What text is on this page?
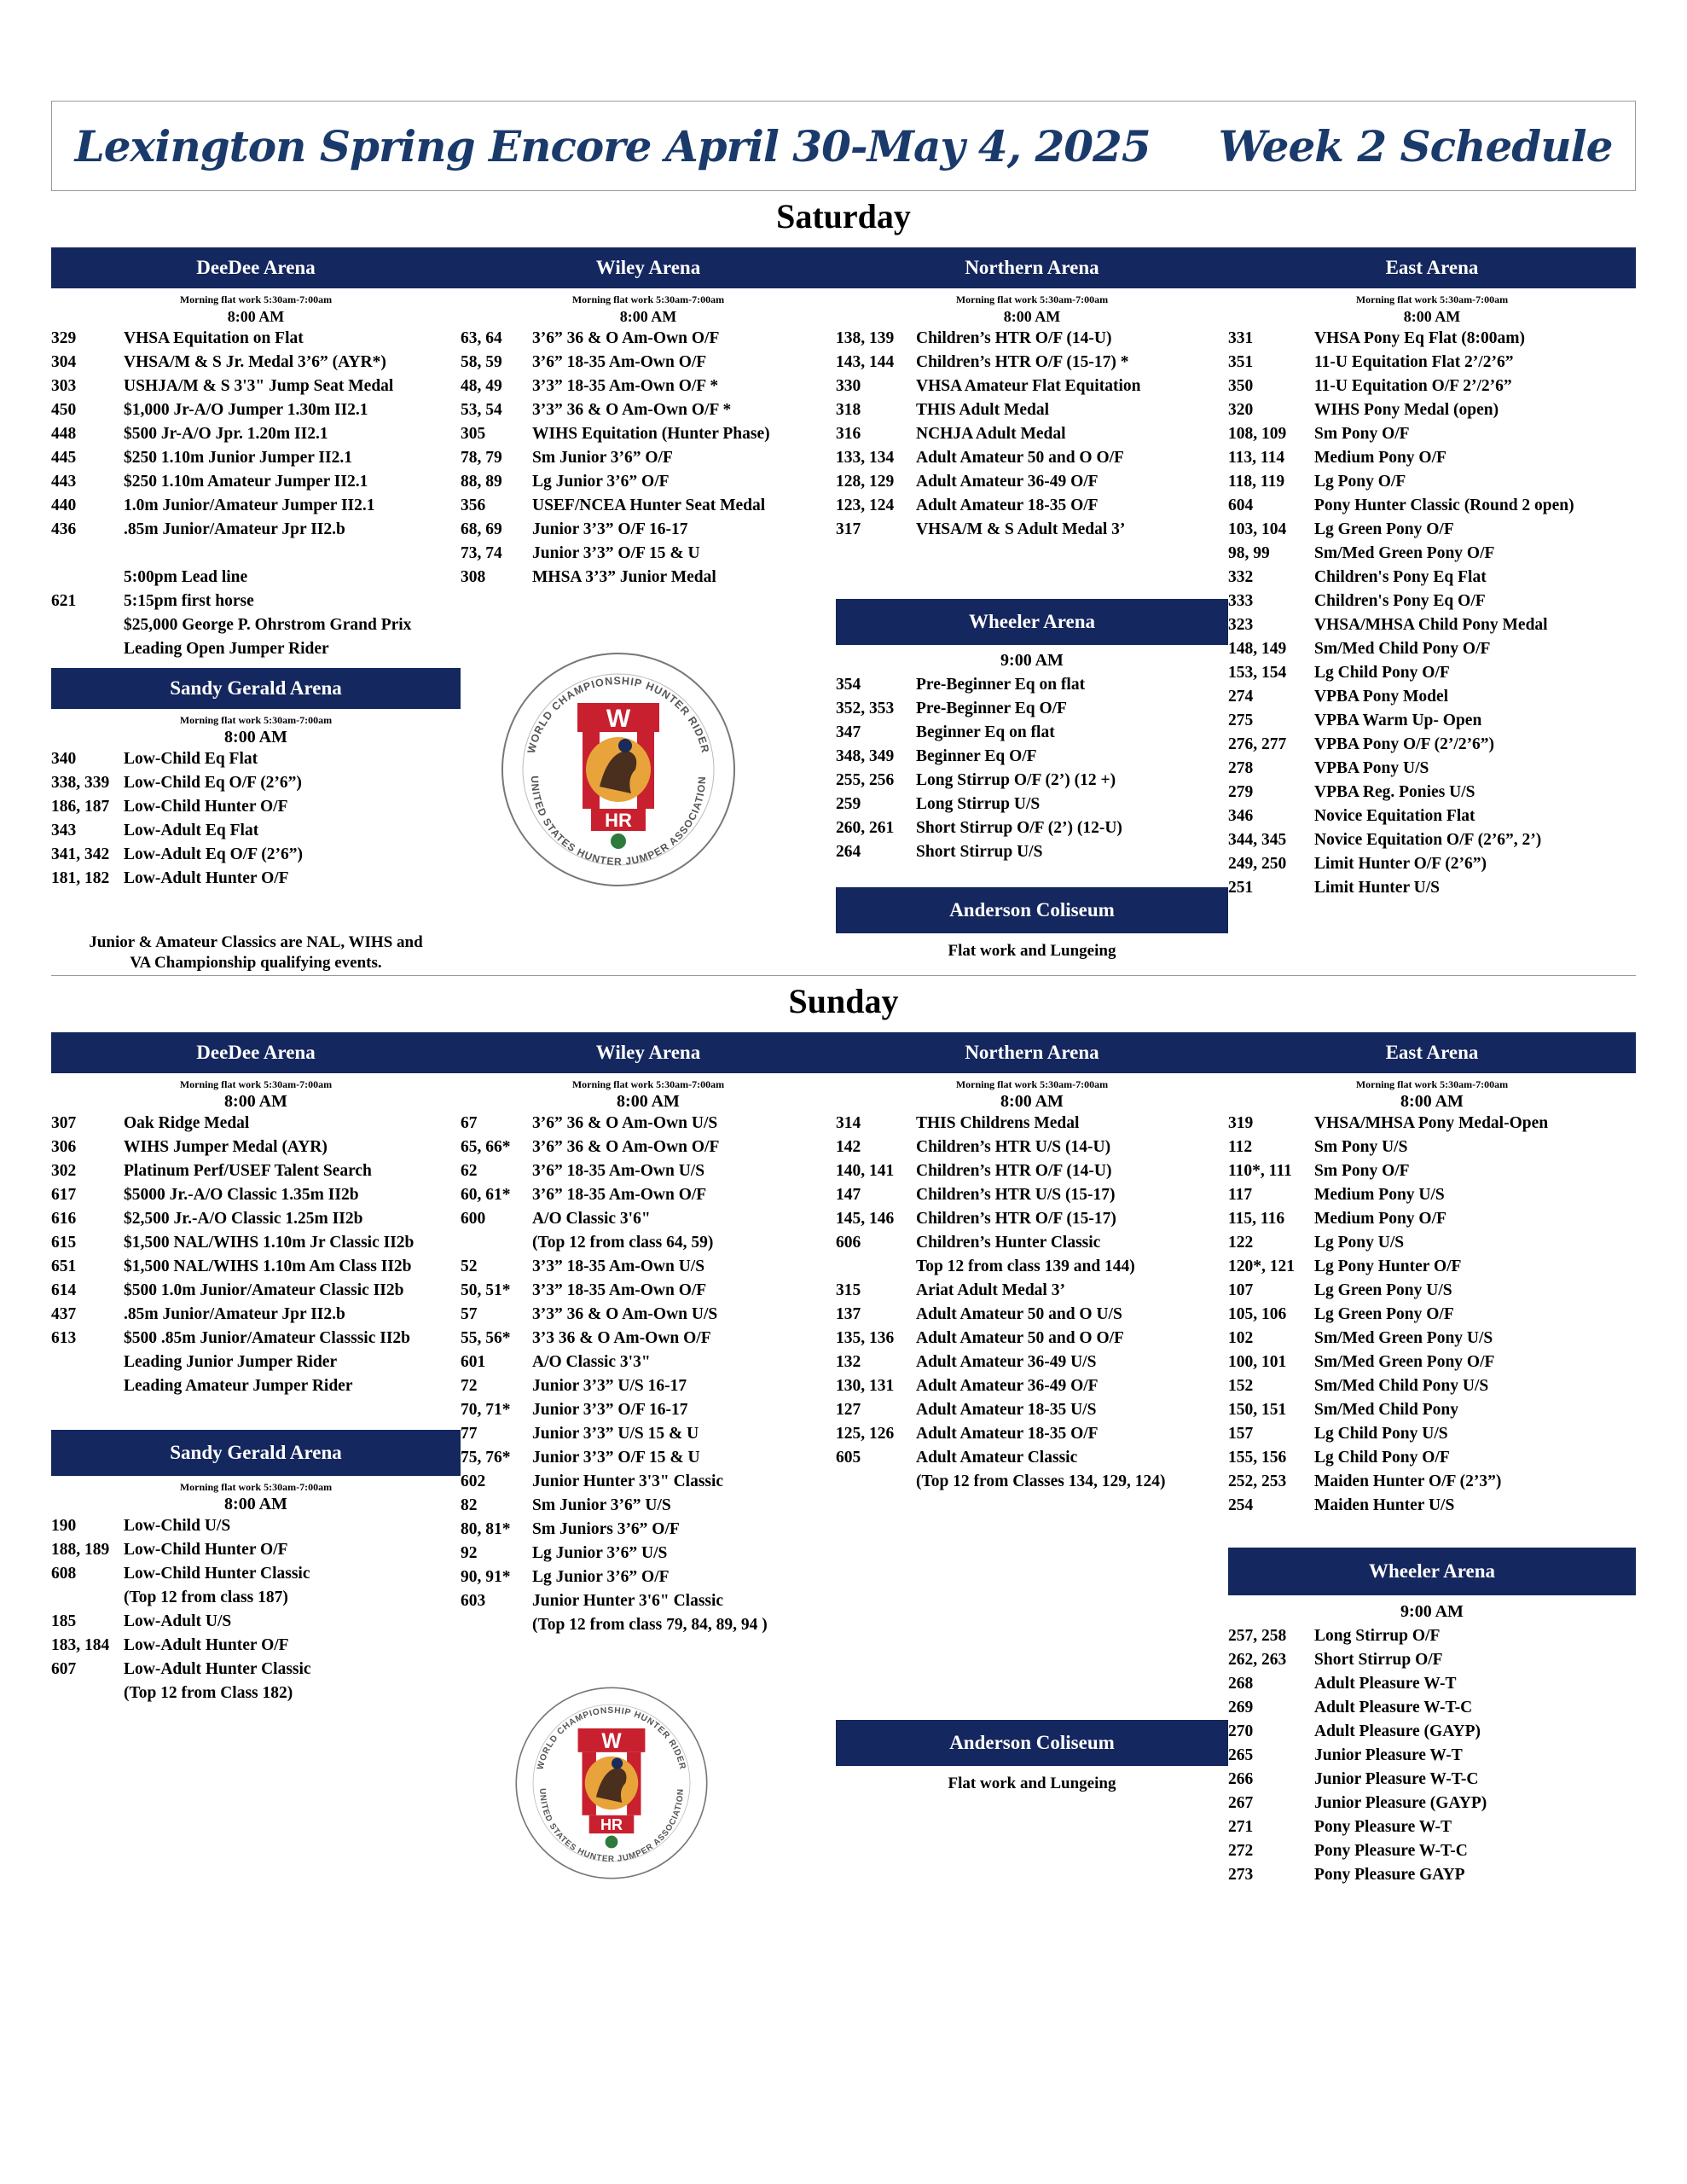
Lexington Spring Encore April 30-May 4, 2025 Week 2 Schedule
Saturday
DeeDee Arena
Morning flat work 5:30am-7:00am
8:00 AM
329	VHSA Equitation on Flat
304	VHSA/M & S Jr. Medal 3’6” (AYR*)
303	USHJA/M & S 3'3" Jump Seat Medal
450	$1,000 Jr-A/O Jumper 1.30m II2.1
448	$500 Jr-A/O Jpr. 1.20m II2.1
445	$250 1.10m Junior Jumper II2.1
443	$250 1.10m Amateur Jumper II2.1
440	1.0m Junior/Amateur Jumper II2.1
436	.85m Junior/Amateur Jpr II2.b
5:00pm Lead line
621	5:15pm first horse
$25,000 George P. Ohrstrom Grand Prix
Leading Open Jumper Rider
Sandy Gerald Arena
Morning flat work 5:30am-7:00am
8:00 AM
340	Low-Child Eq Flat
338, 339 Low-Child Eq O/F (2’6”)
186, 187 Low-Child Hunter O/F
343	Low-Adult Eq Flat
341, 342 Low-Adult Eq O/F (2’6”)
181, 182 Low-Adult Hunter O/F
Junior & Amateur Classics are NAL, WIHS and
VA Championship qualifying events.
Wiley Arena
Morning flat work 5:30am-7:00am
8:00 AM
63, 64	3’6” 36 & O Am-Own O/F
58, 59	3’6” 18-35 Am-Own O/F
48, 49	3’3” 18-35 Am-Own O/F *
53, 54	3’3” 36 & O Am-Own O/F *
305	WIHS Equitation (Hunter Phase)
78, 79	Sm Junior 3’6” O/F
88, 89	Lg Junior 3’6” O/F
356	USEF/NCEA Hunter Seat Medal
68, 69	Junior 3’3” O/F 16-17
73, 74	Junior 3’3” O/F 15 & U
308	MHSA 3’3” Junior Medal
Northern Arena
Morning flat work 5:30am-7:00am
8:00 AM
138, 139	Children’s HTR O/F (14-U)
143, 144	Children’s HTR O/F (15-17) *
330	VHSA Amateur Flat Equitation
318	THIS Adult Medal
316	NCHJA Adult Medal
133, 134	Adult Amateur 50 and O O/F
128, 129	Adult Amateur 36-49 O/F
123, 124	Adult Amateur 18-35 O/F
317	VHSA/M & S Adult Medal 3’
Wheeler Arena
9:00 AM
354	Pre-Beginner Eq on flat
352, 353	Pre-Beginner Eq O/F
347	Beginner Eq on flat
348, 349	Beginner Eq O/F
255, 256	Long Stirrup O/F (2’) (12 +)
259	Long Stirrup U/S
260, 261	Short Stirrup O/F (2’) (12-U)
264	Short Stirrup U/S
Anderson Coliseum
Flat work and Lungeing
East Arena
Morning flat work 5:30am-7:00am
8:00 AM
331	VHSA Pony Eq Flat (8:00am)
351	11-U Equitation Flat 2’/2’6”
350	11-U Equitation O/F 2’/2’6”
320	WIHS Pony Medal (open)
108, 109	Sm Pony O/F
113, 114	Medium Pony O/F
118, 119	Lg Pony O/F
604	Pony Hunter Classic (Round 2 open)
103, 104	Lg Green Pony O/F
98, 99	Sm/Med Green Pony O/F
332	Children's Pony Eq Flat
333	Children's Pony Eq O/F
323	VHSA/MHSA Child Pony Medal
148, 149	Sm/Med Child Pony O/F
153, 154	Lg Child Pony O/F
274	VPBA Pony Model
275	VPBA Warm Up- Open
276, 277	VPBA Pony O/F (2’/2’6”)
278	VPBA Pony U/S
279	VPBA Reg. Ponies U/S
346	Novice Equitation Flat
344, 345	Novice Equitation O/F (2’6”, 2’)
249, 250	Limit Hunter O/F (2’6”)
251	Limit Hunter U/S
WORLD CHAMPIONSHIP HUNTER RIDER
UNITED STATES HUNTER JUMPER ASSOCIATION
W
HR
Sunday
DeeDee Arena
Morning flat work 5:30am-7:00am
8:00 AM
307	Oak Ridge Medal
306	WIHS Jumper Medal (AYR)
302	Platinum Perf/USEF Talent Search
617	$5000 Jr.-A/O Classic 1.35m II2b
616	$2,500 Jr.-A/O Classic 1.25m II2b
615	$1,500 NAL/WIHS 1.10m Jr Classic II2b
651	$1,500 NAL/WIHS 1.10m Am Class II2b
614	$500 1.0m Junior/Amateur Classic II2b
437	.85m Junior/Amateur Jpr II2.b
613	$500 .85m Junior/Amateur Classsic II2b
Leading Junior Jumper Rider
Leading Amateur Jumper Rider
Sandy Gerald Arena
Morning flat work 5:30am-7:00am
8:00 AM
190	Low-Child U/S
188, 189 Low-Child Hunter O/F
608	Low-Child Hunter Classic
(Top 12 from class 187)
185	Low-Adult U/S
183, 184 Low-Adult Hunter O/F
607	Low-Adult Hunter Classic
(Top 12 from Class 182)
Wiley Arena
Morning flat work 5:30am-7:00am
8:00 AM
67	3’6” 36 & O Am-Own U/S
65, 66*	3’6” 36 & O Am-Own O/F
62	3’6” 18-35 Am-Own U/S
60, 61*	3’6” 18-35 Am-Own O/F
600	A/O Classic 3'6"
(Top 12 from class 64, 59)
52	3’3” 18-35 Am-Own U/S
50, 51*	3’3” 18-35 Am-Own O/F
57	3’3” 36 & O Am-Own U/S
55, 56*	3’3 36 & O Am-Own O/F
601	A/O Classic 3'3"
72	Junior 3’3” U/S 16-17
70, 71*	Junior 3’3” O/F 16-17
77	Junior 3’3” U/S 15 & U
75, 76*	Junior 3’3” O/F 15 & U
602	Junior Hunter 3'3" Classic
82	Sm Junior 3’6” U/S
80, 81*	Sm Juniors 3’6” O/F
92	Lg Junior 3’6” U/S
90, 91*	Lg Junior 3’6” O/F
603	Junior Hunter 3'6" Classic
(Top 12 from class 79, 84, 89, 94 )
Northern Arena
Morning flat work 5:30am-7:00am
8:00 AM
314	THIS Childrens Medal
142	Children’s HTR U/S (14-U)
140, 141	Children’s HTR O/F (14-U)
147	Children’s HTR U/S (15-17)
145, 146	Children’s HTR O/F (15-17)
606	Children’s Hunter Classic
Top 12 from class 139 and 144)
315	Ariat Adult Medal 3’
137	Adult Amateur 50 and O U/S
135, 136	Adult Amateur 50 and O O/F
132	Adult Amateur 36-49 U/S
130, 131	Adult Amateur 36-49 O/F
127	Adult Amateur 18-35 U/S
125, 126	Adult Amateur 18-35 O/F
605	Adult Amateur Classic
(Top 12 from Classes 134, 129, 124)
Anderson Coliseum
Flat work and Lungeing
East Arena
Morning flat work 5:30am-7:00am
8:00 AM
319	VHSA/MHSA Pony Medal-Open
112	Sm Pony U/S
110*, 111	Sm Pony O/F
117	Medium Pony U/S
115, 116	Medium Pony O/F
122	Lg Pony U/S
120*, 121	Lg Pony Hunter O/F
107	Lg Green Pony U/S
105, 106	Lg Green Pony O/F
102	Sm/Med Green Pony U/S
100, 101	Sm/Med Green Pony O/F
152	Sm/Med Child Pony U/S
150, 151	Sm/Med Child Pony
157	Lg Child Pony U/S
155, 156	Lg Child Pony O/F
252, 253	Maiden Hunter O/F (2’3”)
254	Maiden Hunter U/S
Wheeler Arena
9:00 AM
257, 258	Long Stirrup O/F
262, 263	Short Stirrup O/F
268	Adult Pleasure W-T
269	Adult Pleasure W-T-C
270	Adult Pleasure (GAYP)
265	Junior Pleasure W-T
266	Junior Pleasure W-T-C
267	Junior Pleasure (GAYP)
271	Pony Pleasure W-T
272	Pony Pleasure W-T-C
273	Pony Pleasure GAYP
WORLD CHAMPIONSHIP HUNTER RIDER
UNITED STATES HUNTER JUMPER ASSOCIATION
W
HR
